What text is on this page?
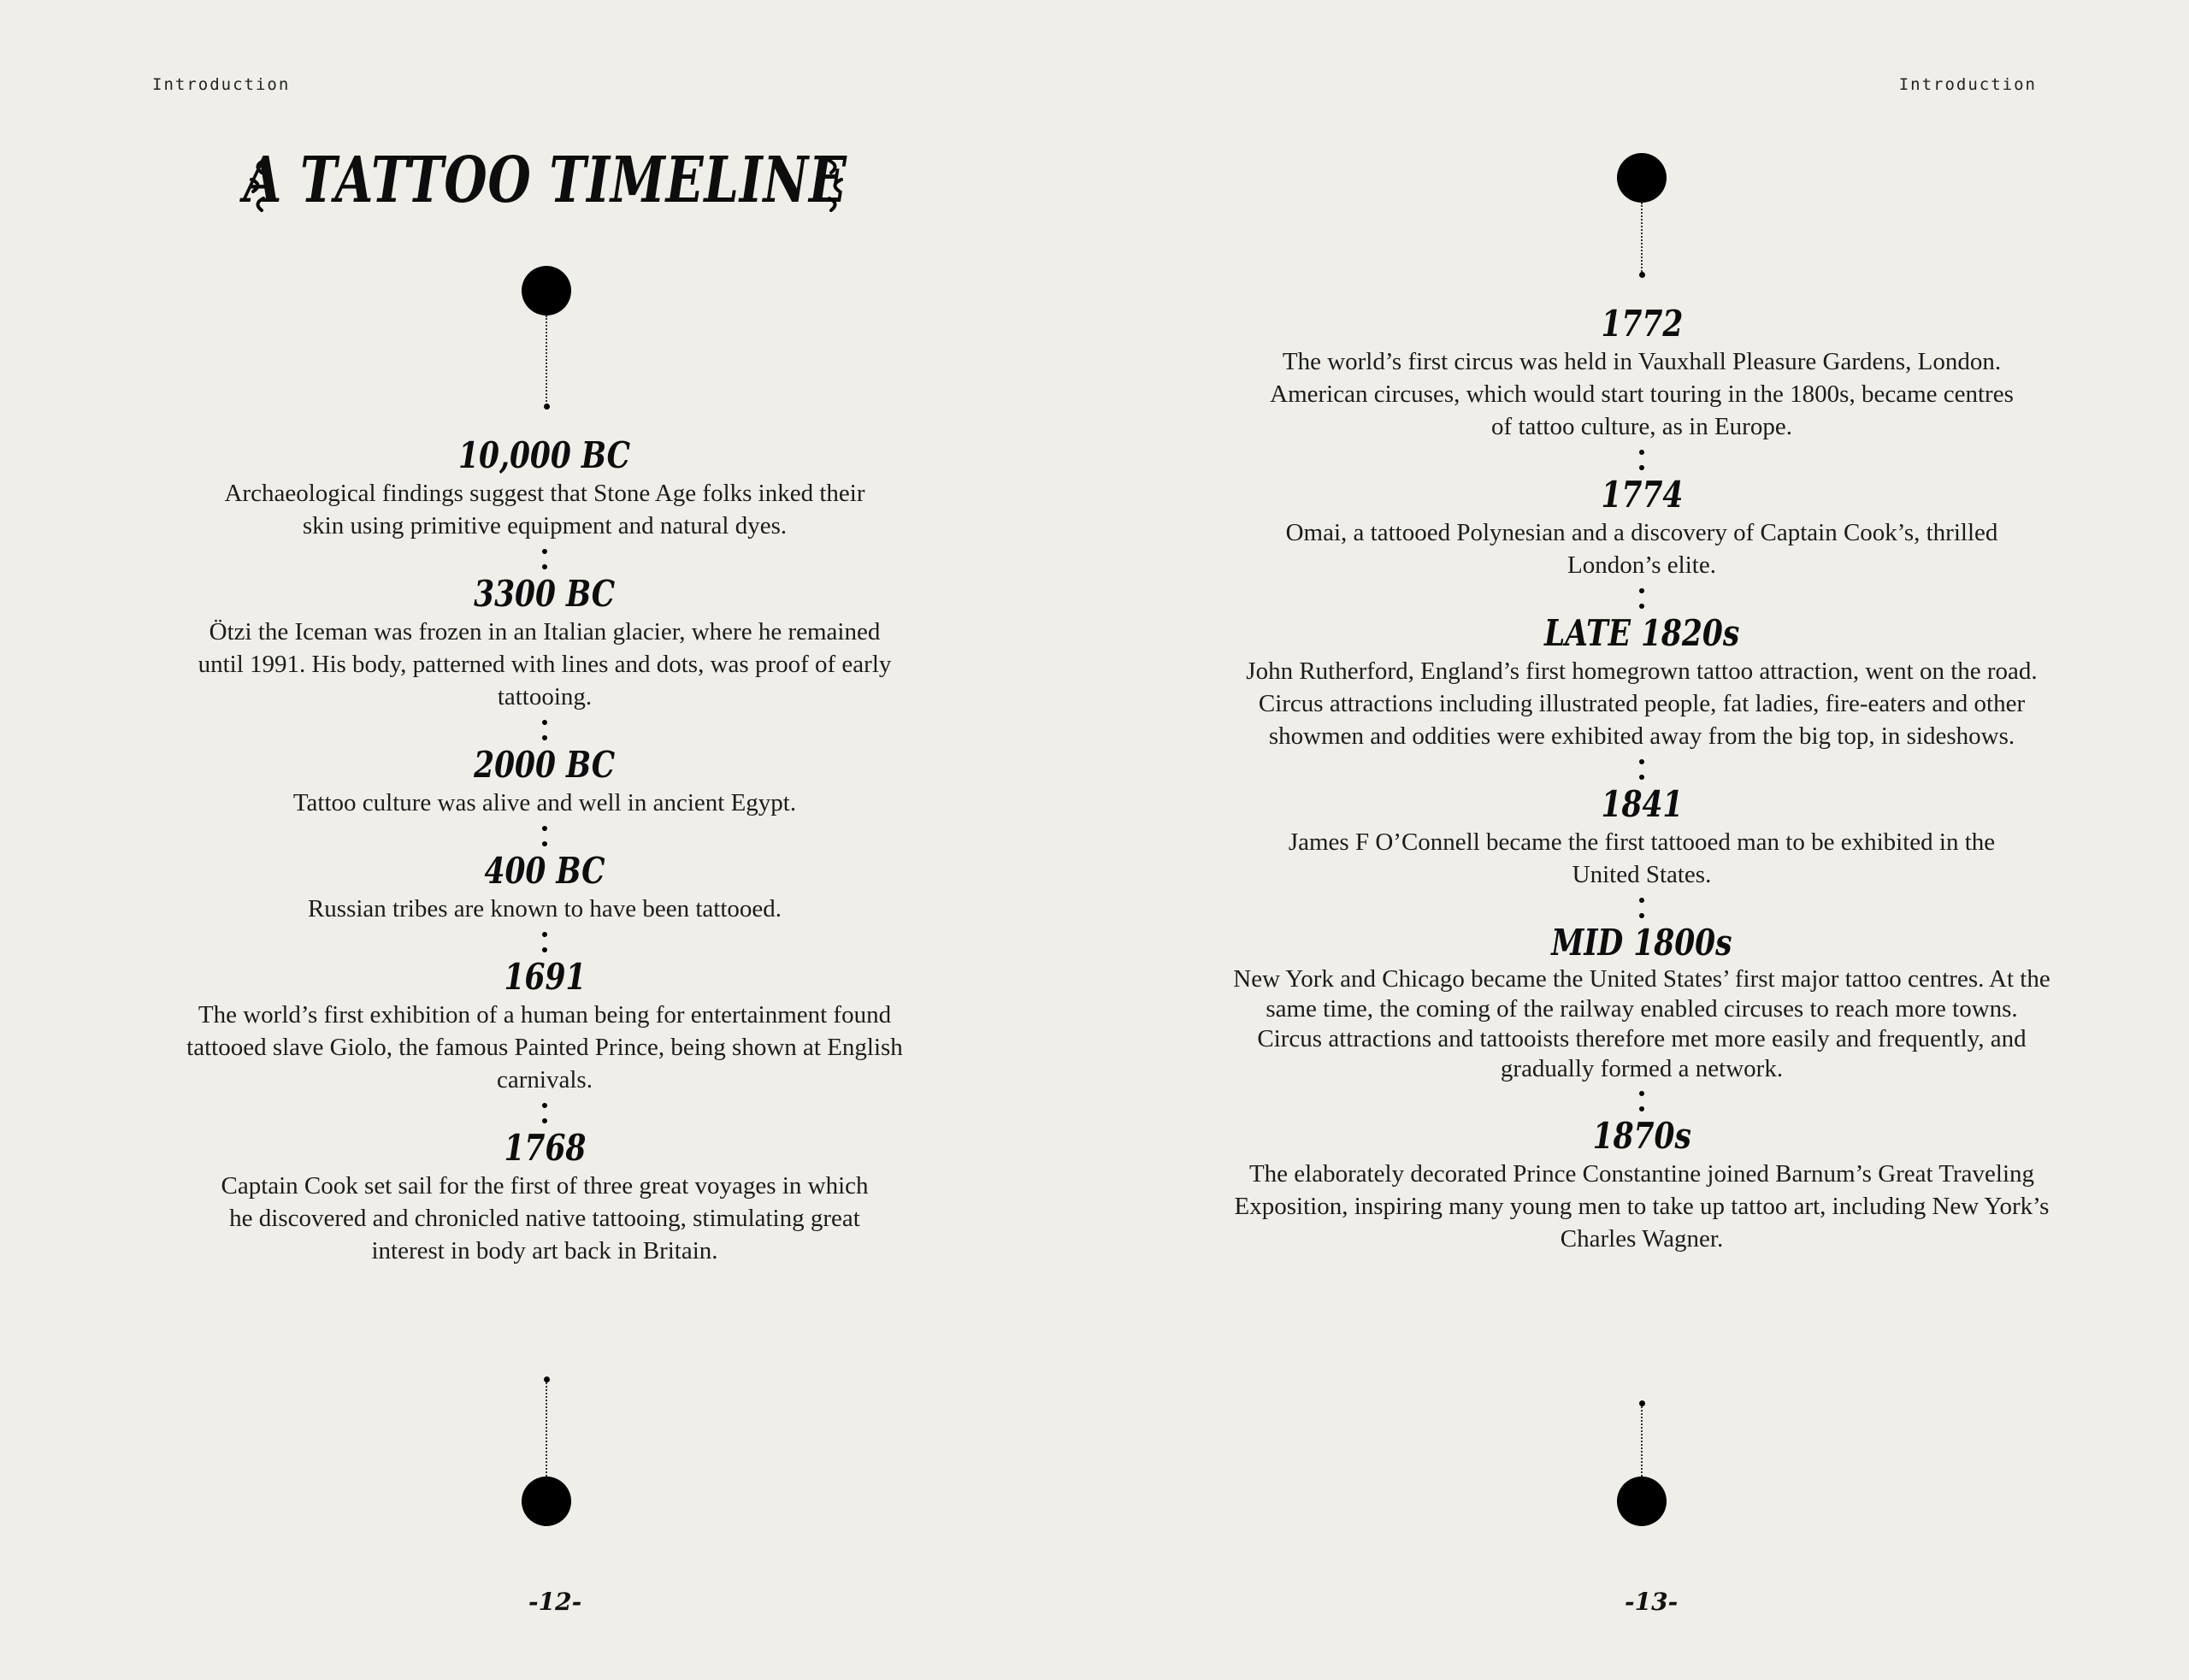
Introduction
A TATTOO TIMELINE
10,000 BC
Archaeological findings suggest that Stone Age folks inked their skin using primitive equipment and natural dyes.
3300 BC
Ötzi the Iceman was frozen in an Italian glacier, where he remained until 1991. His body, patterned with lines and dots, was proof of early tattooing.
2000 BC
Tattoo culture was alive and well in ancient Egypt.
400 BC
Russian tribes are known to have been tattooed.
1691
The world’s first exhibition of a human being for entertainment found tattooed slave Giolo, the famous Painted Prince, being shown at English carnivals.
1768
Captain Cook set sail for the first of three great voyages in which he discovered and chronicled native tattooing, stimulating great interest in body art back in Britain.
-12-
Introduction
1772
The world’s first circus was held in Vauxhall Pleasure Gardens, London. American circuses, which would start touring in the 1800s, became centres of tattoo culture, as in Europe.
1774
Omai, a tattooed Polynesian and a discovery of Captain Cook’s, thrilled London’s elite.
LATE 1820s
John Rutherford, England’s first homegrown tattoo attraction, went on the road. Circus attractions including illustrated people, fat ladies, fire-eaters and other showmen and oddities were exhibited away from the big top, in sideshows.
1841
James F O’Connell became the first tattooed man to be exhibited in the United States.
MID 1800s
New York and Chicago became the United States’ first major tattoo centres. At the same time, the coming of the railway enabled circuses to reach more towns. Circus attractions and tattooists therefore met more easily and frequently, and gradually formed a network.
1870s
The elaborately decorated Prince Constantine joined Barnum’s Great Traveling Exposition, inspiring many young men to take up tattoo art, including New York’s Charles Wagner.
-13-
